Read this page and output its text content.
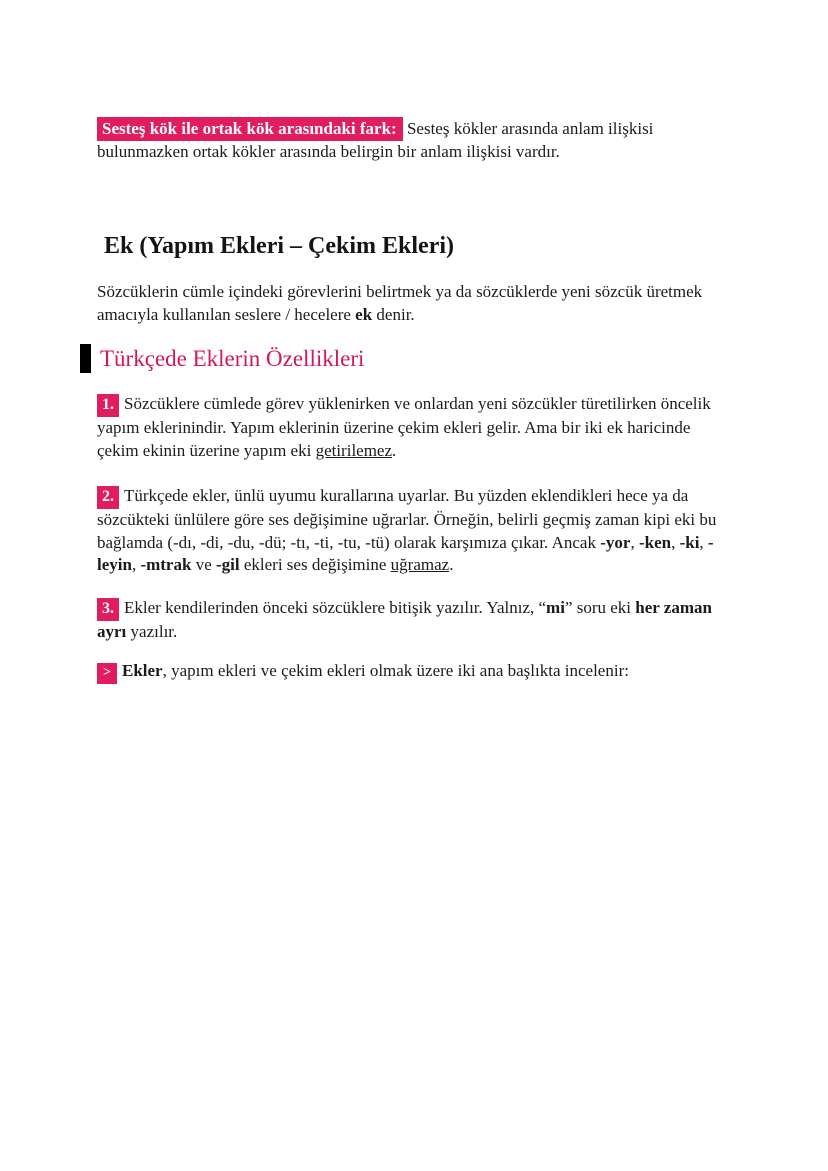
Sesteş kök ile ortak kök arasındaki fark: Sesteş kökler arasında anlam ilişkisi bulunmazken ortak kökler arasında belirgin bir anlam ilişkisi vardır.

Ek (Yapım Ekleri – Çekim Ekleri)

Sözcüklerin cümle içindeki görevlerini belirtmek ya da sözcüklerde yeni sözcük üretmek amacıyla kullanılan seslere / hecelere ek denir.

Türkçede Eklerin Özellikleri

1. Sözcüklere cümlede görev yüklenirken ve onlardan yeni sözcükler türetilirken öncelik yapım eklerinindir. Yapım eklerinin üzerine çekim ekleri gelir. Ama bir iki ek haricinde çekim ekinin üzerine yapım eki getirilemez.

2. Türkçede ekler, ünlü uyumu kurallarına uyarlar. Bu yüzden eklendikleri hece ya da sözcükteki ünlülere göre ses değişimine uğrarlar. Örneğin, belirli geçmiş zaman kipi eki bu bağlamda (-dı, -di, -du, -dü; -tı, -ti, -tu, -tü) olarak karşımıza çıkar. Ancak -yor, -ken, -ki, -leyin, -mtrak ve -gil ekleri ses değişimine uğramaz.

3. Ekler kendilerinden önceki sözcüklere bitişik yazılır. Yalnız, “mi” soru eki her zaman ayrı yazılır.

> Ekler, yapım ekleri ve çekim ekleri olmak üzere iki ana başlıkta incelenir:
